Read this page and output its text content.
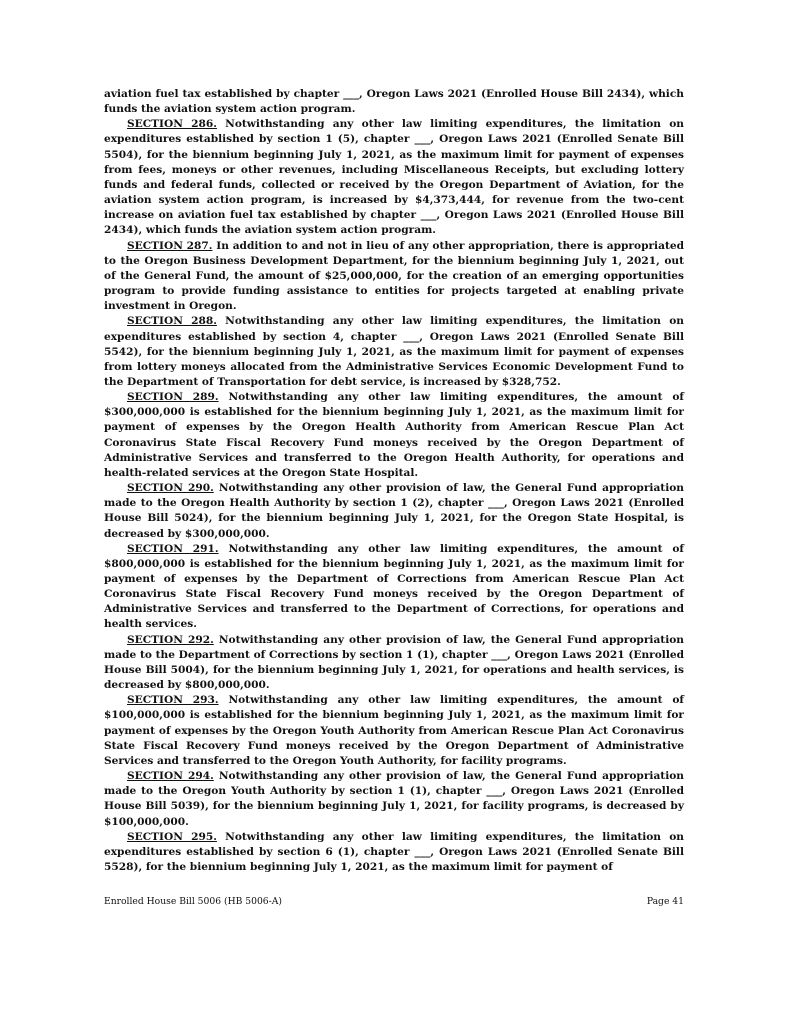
aviation fuel tax established by chapter ___, Oregon Laws 2021 (Enrolled House Bill 2434), which funds the aviation system action program.

SECTION 286. Notwithstanding any other law limiting expenditures, the limitation on expenditures established by section 1 (5), chapter ___, Oregon Laws 2021 (Enrolled Senate Bill 5504), for the biennium beginning July 1, 2021, as the maximum limit for payment of expenses from fees, moneys or other revenues, including Miscellaneous Receipts, but excluding lottery funds and federal funds, collected or received by the Oregon Department of Aviation, for the aviation system action program, is increased by $4,373,444, for revenue from the two-cent increase on aviation fuel tax established by chapter ___, Oregon Laws 2021 (Enrolled House Bill 2434), which funds the aviation system action program.

SECTION 287. In addition to and not in lieu of any other appropriation, there is appropriated to the Oregon Business Development Department, for the biennium beginning July 1, 2021, out of the General Fund, the amount of $25,000,000, for the creation of an emerging opportunities program to provide funding assistance to entities for projects targeted at enabling private investment in Oregon.

SECTION 288. Notwithstanding any other law limiting expenditures, the limitation on expenditures established by section 4, chapter ___, Oregon Laws 2021 (Enrolled Senate Bill 5542), for the biennium beginning July 1, 2021, as the maximum limit for payment of expenses from lottery moneys allocated from the Administrative Services Economic Development Fund to the Department of Transportation for debt service, is increased by $328,752.

SECTION 289. Notwithstanding any other law limiting expenditures, the amount of $300,000,000 is established for the biennium beginning July 1, 2021, as the maximum limit for payment of expenses by the Oregon Health Authority from American Rescue Plan Act Coronavirus State Fiscal Recovery Fund moneys received by the Oregon Department of Administrative Services and transferred to the Oregon Health Authority, for operations and health-related services at the Oregon State Hospital.

SECTION 290. Notwithstanding any other provision of law, the General Fund appropriation made to the Oregon Health Authority by section 1 (2), chapter ___, Oregon Laws 2021 (Enrolled House Bill 5024), for the biennium beginning July 1, 2021, for the Oregon State Hospital, is decreased by $300,000,000.

SECTION 291. Notwithstanding any other law limiting expenditures, the amount of $800,000,000 is established for the biennium beginning July 1, 2021, as the maximum limit for payment of expenses by the Department of Corrections from American Rescue Plan Act Coronavirus State Fiscal Recovery Fund moneys received by the Oregon Department of Administrative Services and transferred to the Department of Corrections, for operations and health services.

SECTION 292. Notwithstanding any other provision of law, the General Fund appropriation made to the Department of Corrections by section 1 (1), chapter ___, Oregon Laws 2021 (Enrolled House Bill 5004), for the biennium beginning July 1, 2021, for operations and health services, is decreased by $800,000,000.

SECTION 293. Notwithstanding any other law limiting expenditures, the amount of $100,000,000 is established for the biennium beginning July 1, 2021, as the maximum limit for payment of expenses by the Oregon Youth Authority from American Rescue Plan Act Coronavirus State Fiscal Recovery Fund moneys received by the Oregon Department of Administrative Services and transferred to the Oregon Youth Authority, for facility programs.

SECTION 294. Notwithstanding any other provision of law, the General Fund appropriation made to the Oregon Youth Authority by section 1 (1), chapter ___, Oregon Laws 2021 (Enrolled House Bill 5039), for the biennium beginning July 1, 2021, for facility programs, is decreased by $100,000,000.

SECTION 295. Notwithstanding any other law limiting expenditures, the limitation on expenditures established by section 6 (1), chapter ___, Oregon Laws 2021 (Enrolled Senate Bill 5528), for the biennium beginning July 1, 2021, as the maximum limit for payment of

Enrolled House Bill 5006 (HB 5006-A)	Page 41
